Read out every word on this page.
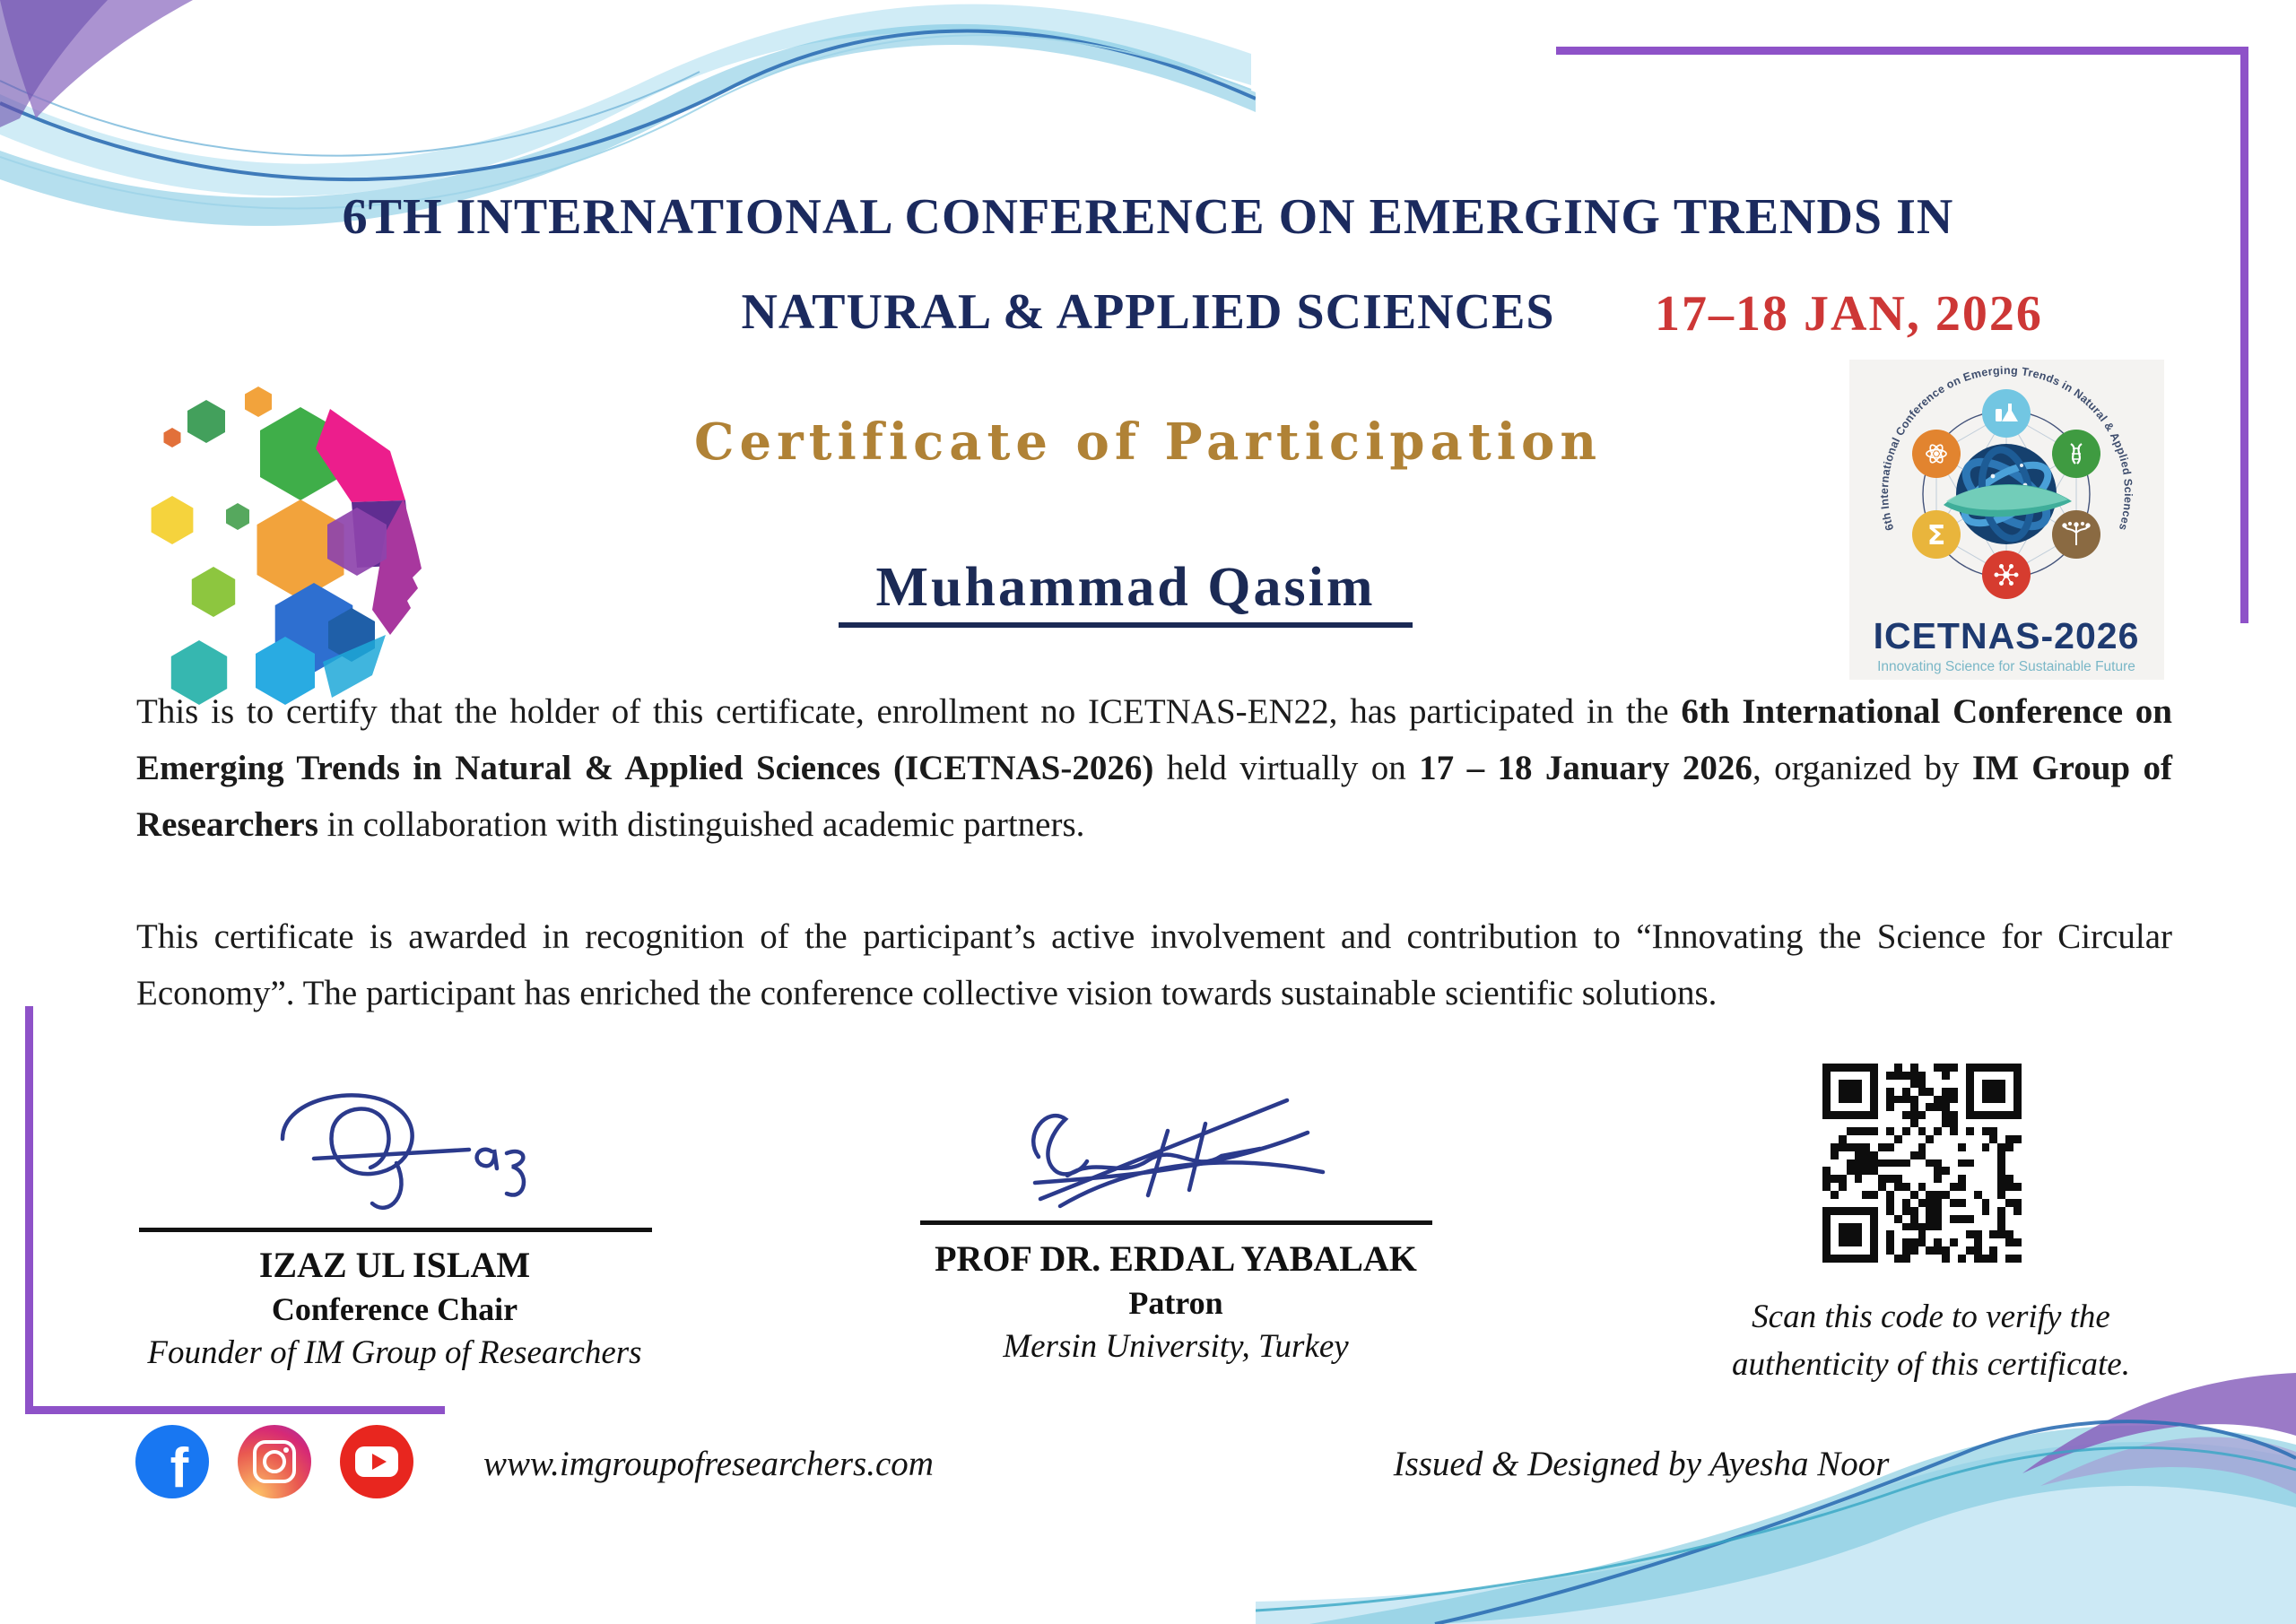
6TH INTERNATIONAL CONFERENCE ON EMERGING TRENDS IN
NATURAL & APPLIED SCIENCES	17–18 JAN, 2026
Certificate of Participation
Muhammad Qasim
Σ
6th International Conference on Emerging Trends in Natural & Applied Sciences
ICETNAS-2026
Innovating Science for Sustainable Future
This is to certify that the holder of this certificate, enrollment no ICETNAS-EN22, has participated in the 6th International Conference on Emerging Trends in Natural & Applied Sciences (ICETNAS-2026) held virtually on 17 – 18 January 2026, organized by IM Group of Researchers in collaboration with distinguished academic partners.
This certificate is awarded in recognition of the participant’s active involvement and contribution to “Innovating the Science for Circular Economy”. The participant has enriched the conference collective vision towards sustainable scientific solutions.
IZAZ UL ISLAM
Conference Chair
Founder of IM Group of Researchers
PROF DR. ERDAL YABALAK
Patron
Mersin University, Turkey
Scan this code to verify the
authenticity of this certificate.
f	www.imgroupofresearchers.com	Issued & Designed by Ayesha Noor
